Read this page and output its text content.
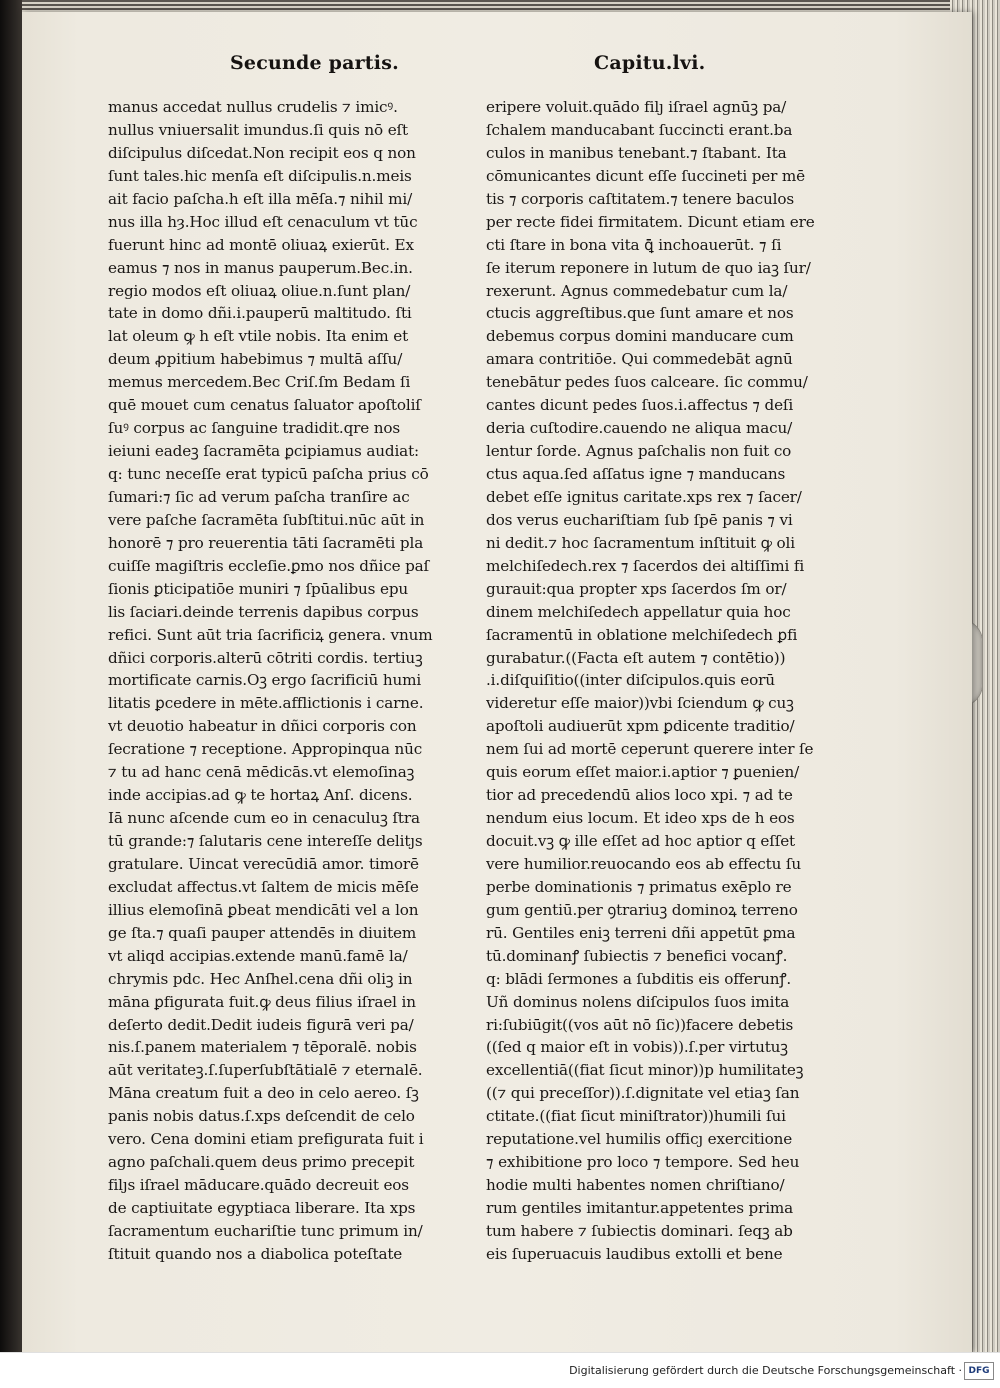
Secunde partis.	Capitu.lvi.
manus accedat nullus crudelis ⁊ imicꝰ.
nullus vniuersalit imundus.ſi quis nō eſt
diſcipulus diſcedat.Non recipit eos q non
ſunt tales.hic menſa eſt diſcipulis.n.meis
ait facio paſcha.h eſt illa mēſa.⁊ nihil mi/
nus illa hȝ.Hoc illud eſt cenaculum vt tūc
fuerunt hinc ad montē oliuaꝝ exierūt. Ex
eamus ⁊ nos in manus pauperum.Bec.in.
regio modos eſt oliuaꝝ oliue.n.ſunt plan/
tate in domo dñi.i.pauperū maltitudo. ſti
lat oleum ꝙ h eſt vtile nobis. Ita enim et
deum ꝓpitium habebimus ⁊ multā aſſu/
memus mercedem.Bec Criſ.ſm Bedam ſi
quē mouet cum cenatus ſaluator apoſtoliſ
ſuꝰ corpus ac ſanguine tradidit.qre nos
ieiuni eadeꝫ ſacramēta ꝑcipiamus audiat:
q: tunc neceſſe erat typicū paſcha prius cō
ſumari:⁊ ſic ad verum paſcha tranſire ac
vere paſche ſacramēta ſubſtitui.nūc aūt in
honorē ⁊ pro reuerentia tāti ſacramēti pla
cuiſſe magiſtris eccleſie.ꝑmo nos dñice paſ
ſionis ꝑticipatiōe muniri ⁊ ſpūalibus epu
lis ſaciari.deinde terrenis dapibus corpus
refici. Sunt aūt tria ſacrificiꝝ genera. vnum
dñici corporis.alterū cōtriti cordis. tertiuꝫ
mortificate carnis.Oꝫ ergo ſacrificiū humi
litatis ꝑcedere in mēte.afflictionis i carne.
vt deuotio habeatur in dñici corporis con
ſecratione ⁊ receptione. Appropinqua nūc
⁊ tu ad hanc cenā mēdicās.vt elemoſinaꝫ
inde accipias.ad ꝙ te hortaꝝ Anſ. dicens.
Iā nunc aſcende cum eo in cenaculuꝫ ſtra
tū grande:⁊ ſalutaris cene intereſſe delitȷs
gratulare. Uincat verecūdiā amor. timorē
excludat affectus.vt ſaltem de micis mēſe
illius elemoſinā ꝑbeat mendicāti vel a lon
ge ſta.⁊ quaſi pauper attendēs in diuitem
vt aliqd accipias.extende manū.famē la/
chrymis pdc. Hec Anſhel.cena dñi oliꝫ in
māna ꝑfigurata fuit.ꝙ deus filius iſrael in
deſerto dedit.Dedit iudeis figurā veri pa/
nis.ſ.panem materialem ⁊ tēporalē. nobis
aūt veritateꝫ.ſ.ſuperſubſtātialē ⁊ eternalē.
Māna creatum fuit a deo in celo aereo. ſꝫ
panis nobis datus.ſ.xps deſcendit de celo
vero. Cena domini etiam prefigurata fuit i
agno paſchali.quem deus primo precepit
filȷs iſrael māducare.quādo decreuit eos
de captiuitate egyptiaca liberare. Ita xps
ſacramentum euchariſtie tunc primum in/
ſtituit quando nos a diabolica poteſtate
eripere voluit.quādo filȷ iſrael agnūꝫ pa/
ſchalem manducabant ſuccincti erant.ba
culos in manibus tenebant.⁊ ſtabant. Ita
cōmunicantes dicunt eſſe ſuccineti per mē
tis ⁊ corporis caſtitatem.⁊ tenere baculos
per recte fidei firmitatem. Dicunt etiam ere
cti ſtare in bona vita ꝗ̄ inchoauerūt. ⁊ ſi
ſe iterum reponere in lutum de quo iaꝫ ſur/
rexerunt. Agnus commedebatur cum la/
ctucis aggreſtibus.que ſunt amare et nos
debemus corpus domini manducare cum
amara contritiōe. Qui commedebāt agnū
tenebātur pedes ſuos calceare. ſic commu/
cantes dicunt pedes ſuos.i.affectus ⁊ deſi
deria cuſtodire.cauendo ne aliqua macu/
lentur ſorde. Agnus paſchalis non fuit co
ctus aqua.ſed aſſatus igne ⁊ manducans
debet eſſe ignitus caritate.xps rex ⁊ ſacer/
dos verus euchariſtiam ſub ſpē panis ⁊ vi
ni dedit.⁊ hoc ſacramentum inſtituit ꝙ oli
melchiſedech.rex ⁊ ſacerdos dei altiſſimi fi
gurauit:qua propter xps ſacerdos ſm or/
dinem melchiſedech appellatur quia hoc
ſacramentū in oblatione melchiſedech ꝑfi
gurabatur.((Facta eſt autem ⁊ contētio))
.i.diſquiſitio((inter diſcipulos.quis eorū
videretur eſſe maior))vbi ſciendum ꝙ cuꝫ
apoſtoli audiuerūt xpm ꝑdicente traditio/
nem ſui ad mortē ceperunt querere inter ſe
quis eorum eſſet maior.i.aptior ⁊ ꝑuenien/
tior ad precedendū alios loco xpi. ⁊ ad te
nendum eius locum. Et ideo xps de h eos
docuit.vꝫ ꝙ ille eſſet ad hoc aptior q eſſet
vere humilior.reuocando eos ab effectu ſu
perbe dominationis ⁊ primatus exēplo re
gum gentiū.per ꝯtrariuꝫ dominoꝝ terreno
rū. Gentiles eniꝫ terreni dñi appetūt ꝑma
tū.dominanꝭ ſubiectis ⁊ benefici vocanꝭ.
q: blādi ſermones a ſubditis eis offerunꝭ.
Uñ dominus nolens diſcipulos ſuos imita
ri:ſubiūgit((vos aūt nō ſic))facere debetis
((ſed q maior eſt in vobis)).ſ.per virtutuꝫ
excellentiā((fiat ſicut minor))p humilitateꝫ
((⁊ qui preceſſor)).ſ.dignitate vel etiaꝫ ſan
ctitate.((fiat ſicut miniſtrator))humili ſui
reputatione.vel humilis officȷ exercitione
⁊ exhibitione pro loco ⁊ tempore. Sed heu
hodie multi habentes nomen chriſtiano/
rum gentiles imitantur.appetentes prima
tum habere ⁊ ſubiectis dominari. ſeqꝫ ab
eis ſuperuacuis laudibus extolli et bene
Digitalisierung gefördert durch die Deutsche Forschungsgemeinschaft · DFG
